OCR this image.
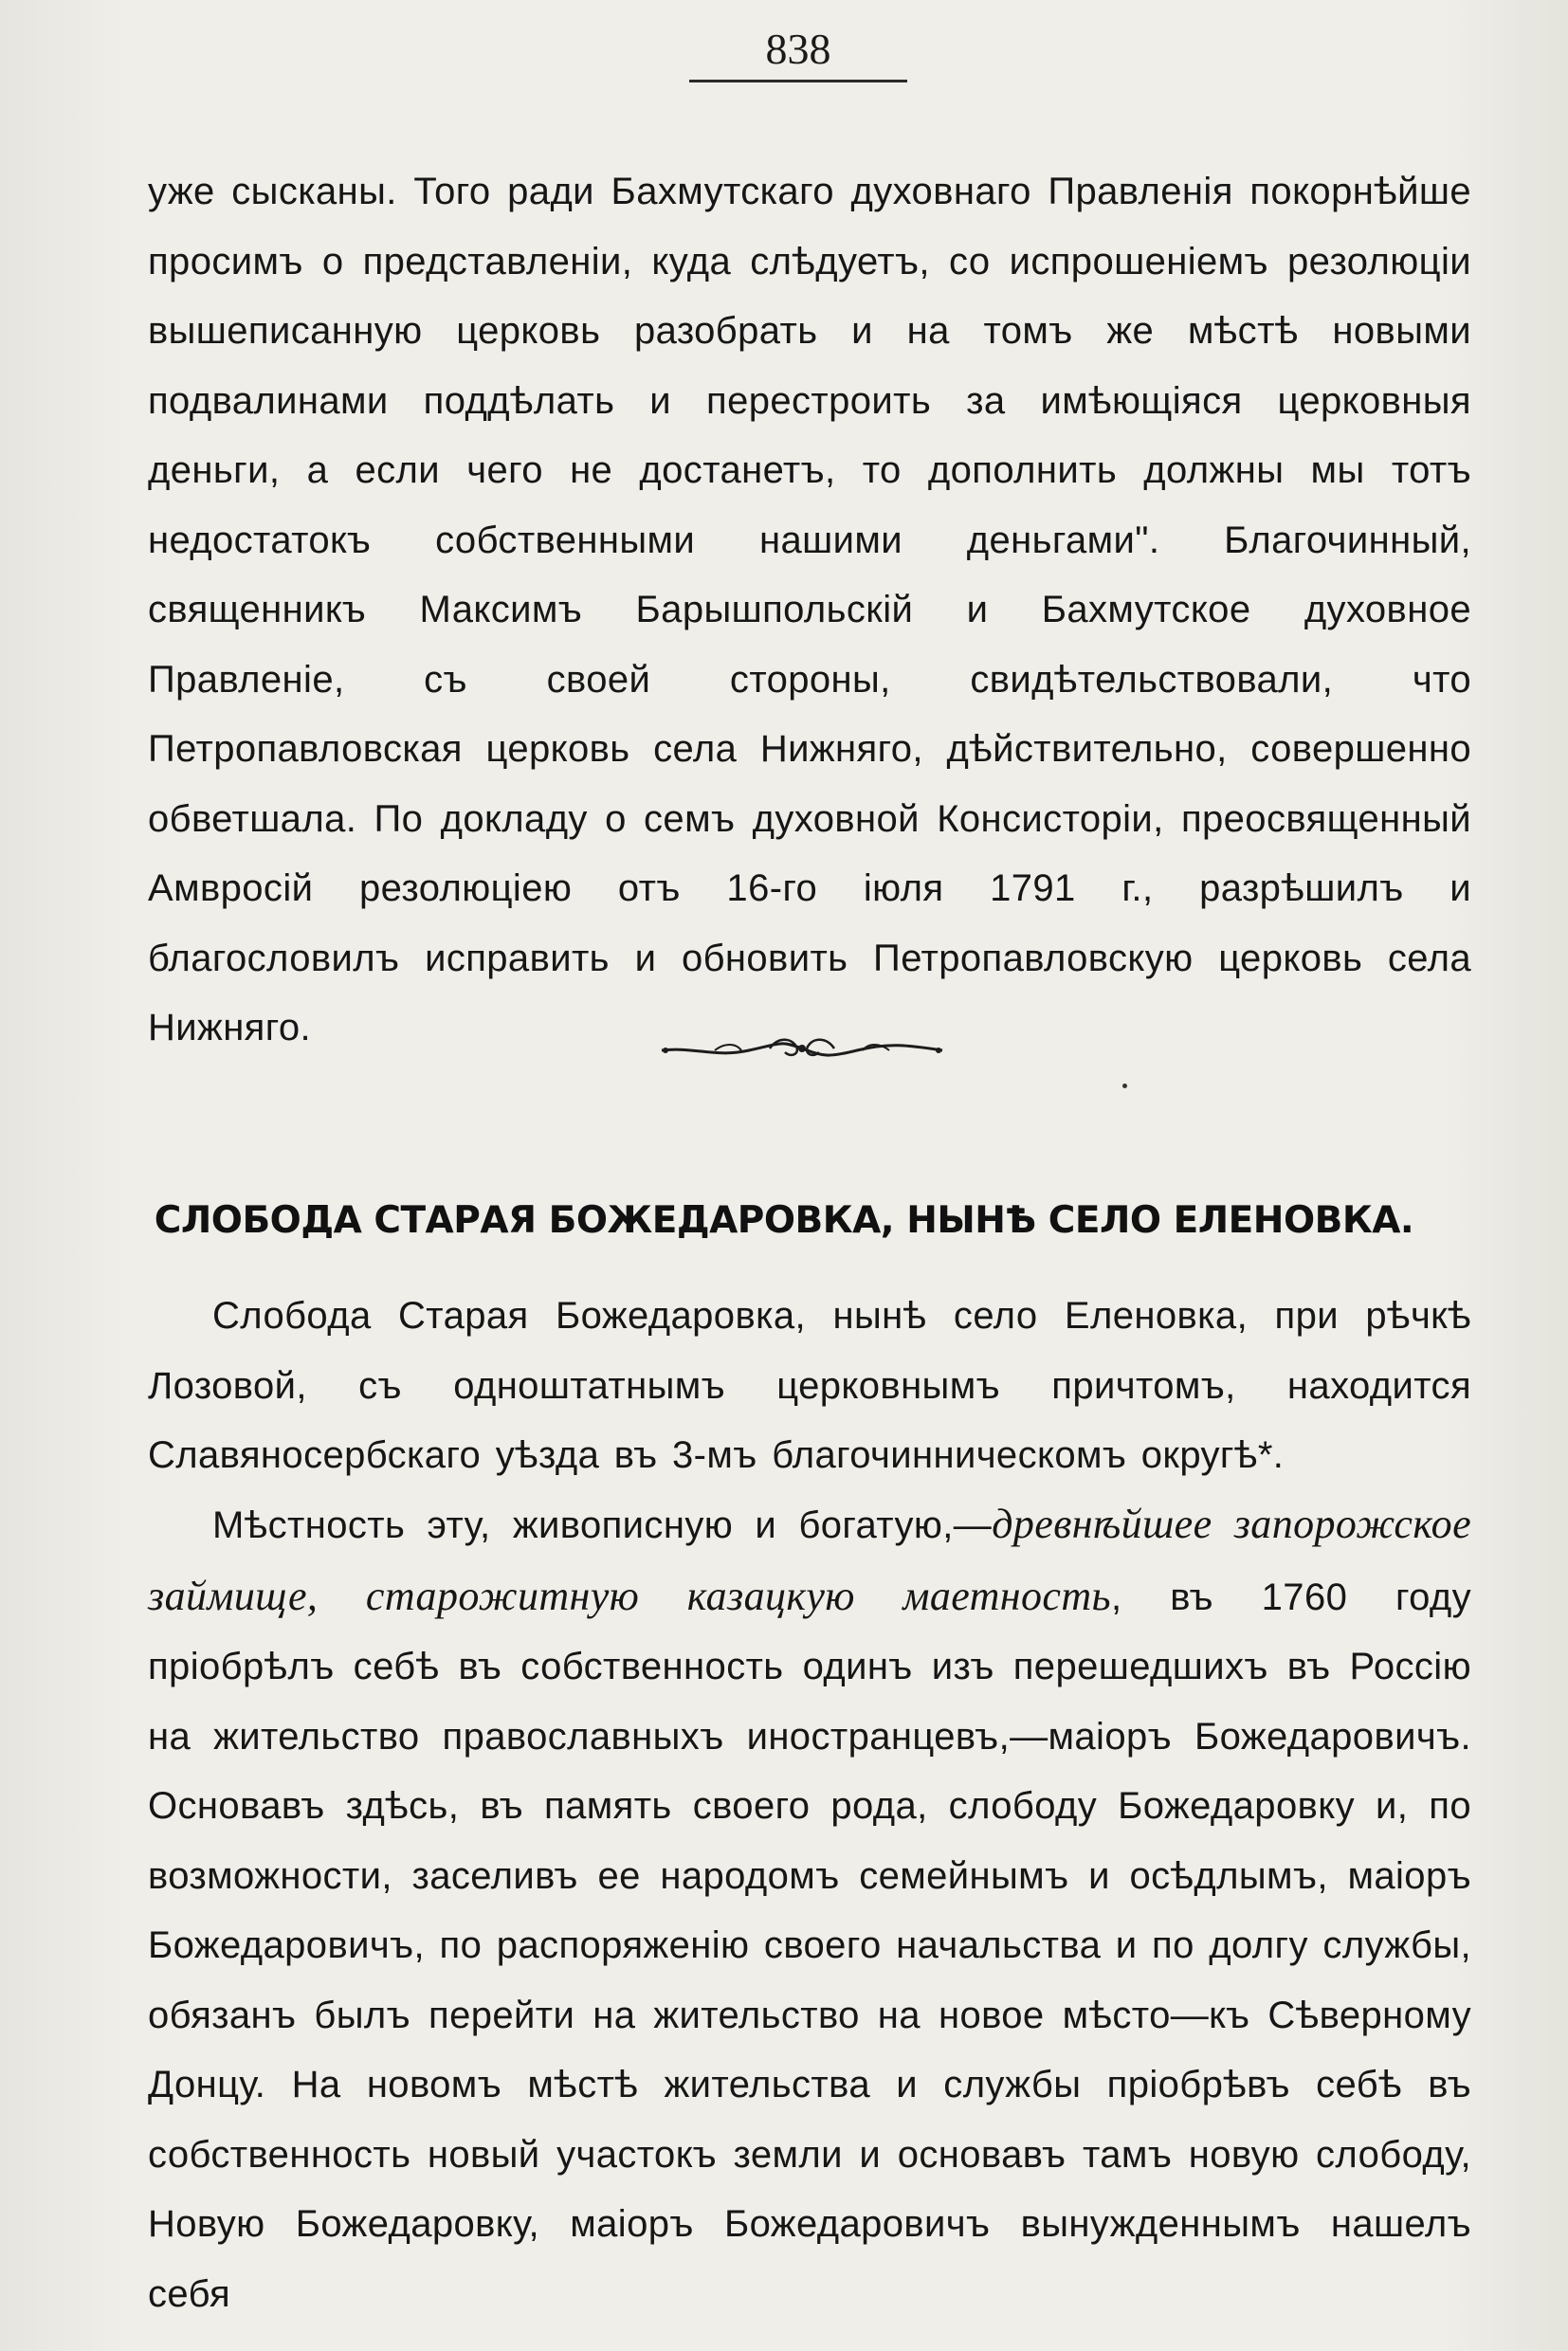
838

уже сысканы. Того ради Бахмутскаго духовнаго Правленія покорнѣйше просимъ о представленіи, куда слѣдуетъ, со испрошеніемъ резолюціи вышеписанную церковь разобрать и на томъ же мѣстѣ новыми подвалинами поддѣлать и перестроить за имѣющіяся церковныя деньги, а если чего не достанетъ, то дополнить должны мы тотъ недостатокъ собственными нашими деньгами". Благочинный, священникъ Максимъ Барышпольскій и Бахмутское духовное Правленіе, съ своей стороны, свидѣтельствовали, что Петропавловская церковь села Нижняго, дѣйствительно, совершенно обветшала. По докладу о семъ духовной Консисторіи, преосвященный Амвросій резолюціею отъ 16-го іюля 1791 г., разрѣшилъ и благословилъ исправить и обновить Петропавловскую церковь села Нижняго.

СЛОБОДА СТАРАЯ БОЖЕДАРОВКА, НЫНѢ СЕЛО ЕЛЕНОВКА.

Слобода Старая Божедаровка, нынѣ село Еленовка, при рѣчкѣ Лозовой, съ одноштатнымъ церковнымъ причтомъ, находится Славяносербскаго уѣзда въ 3-мъ благочинническомъ округѣ*.

Мѣстность эту, живописную и богатую,—древнѣйшее запорожское займище, старожитную казацкую маетность, въ 1760 году пріобрѣлъ себѣ въ собственность одинъ изъ перешедшихъ въ Россію на жительство православныхъ иностранцевъ,—маіоръ Божедаровичъ. Основавъ здѣсь, въ память своего рода, слободу Божедаровку и, по возможности, заселивъ ее народомъ семейнымъ и осѣдлымъ, маіоръ Божедаровичъ, по распоряженію своего начальства и по долгу службы, обязанъ былъ перейти на жительство на новое мѣсто—къ Сѣверному Донцу. На новомъ мѣстѣ жительства и службы пріобрѣвъ себѣ въ собственность новый участокъ земли и основавъ тамъ новую слободу, Новую Божедаровку, маіоръ Божедаровичъ вынужденнымъ нашелъ себя
